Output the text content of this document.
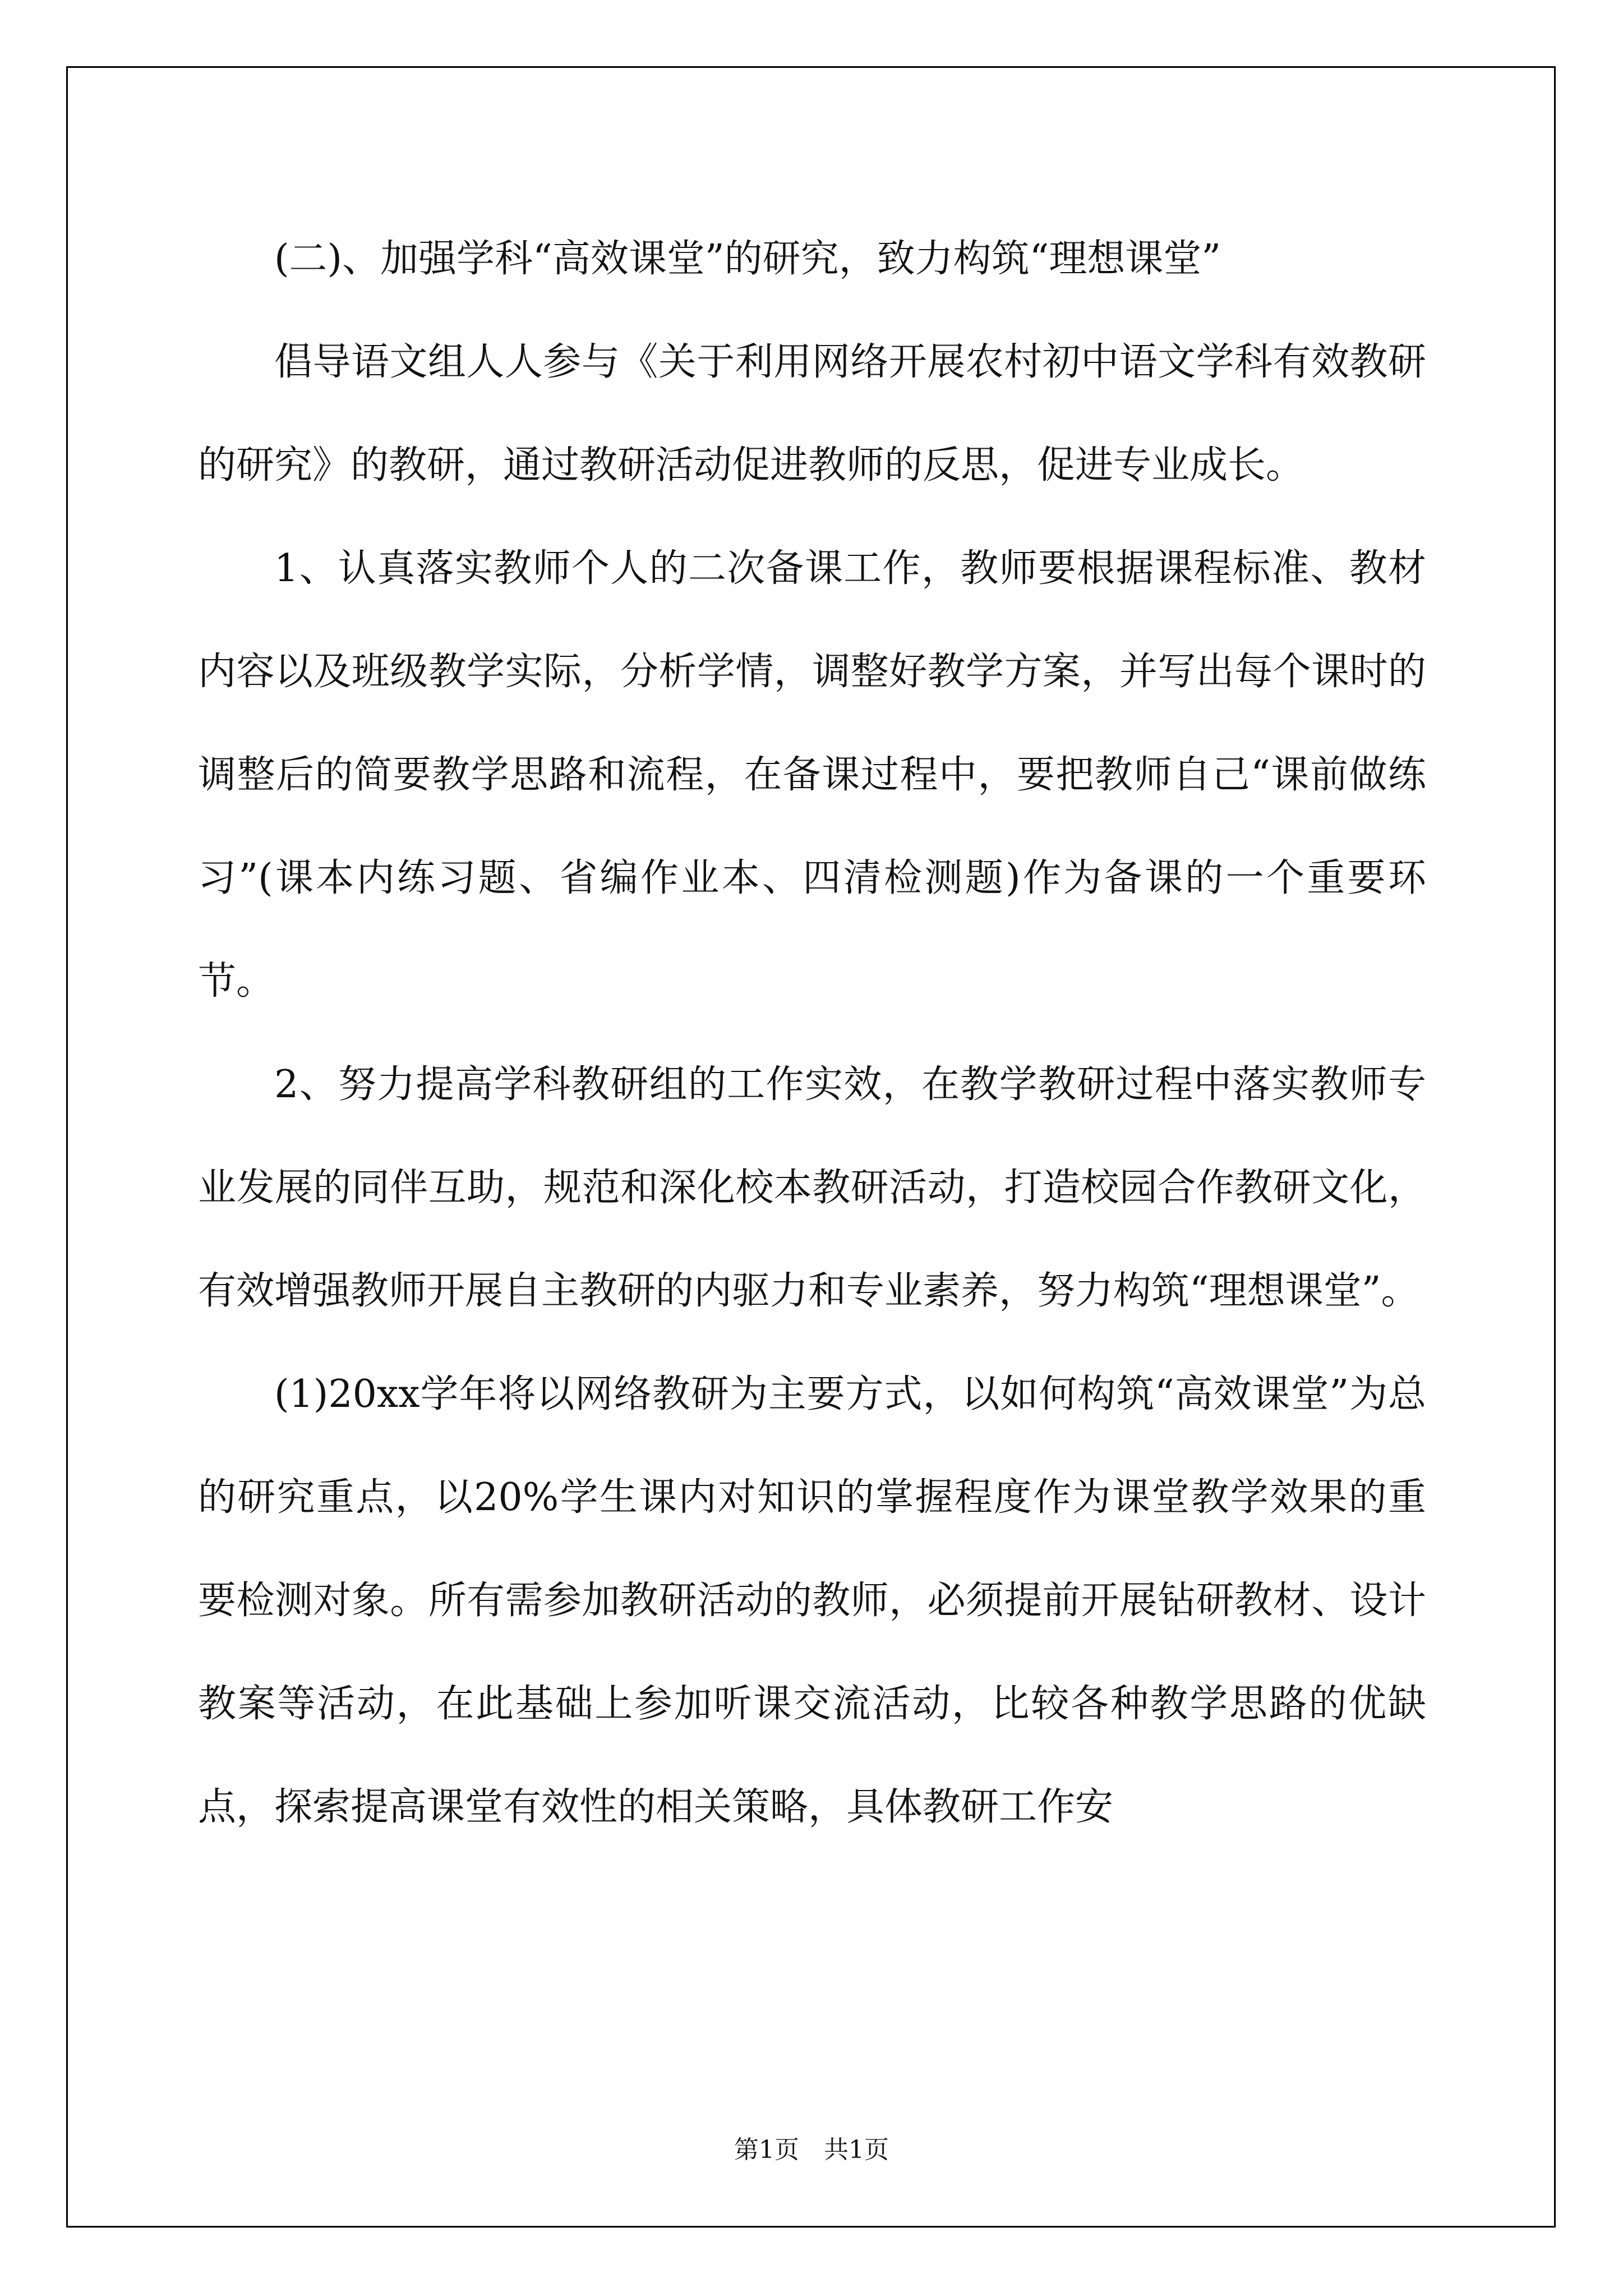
(二)、加强学科“高效课堂”的研究，致力构筑“理想课堂”

倡导语文组人人参与《关于利用网络开展农村初中语文学科有效教研的研究》的教研，通过教研活动促进教师的反思，促进专业成长。

1、认真落实教师个人的二次备课工作，教师要根据课程标准、教材内容以及班级教学实际，分析学情，调整好教学方案，并写出每个课时的调整后的简要教学思路和流程，在备课过程中，要把教师自己“课前做练习”(课本内练习题、省编作业本、四清检测题)作为备课的一个重要环节。

2、努力提高学科教研组的工作实效，在教学教研过程中落实教师专业发展的同伴互助，规范和深化校本教研活动，打造校园合作教研文化，有效增强教师开展自主教研的内驱力和专业素养，努力构筑“理想课堂”。

(1)20xx学年将以网络教研为主要方式，以如何构筑“高效课堂”为总的研究重点，以20%学生课内对知识的掌握程度作为课堂教学效果的重要检测对象。所有需参加教研活动的教师，必须提前开展钻研教材、设计教案等活动，在此基础上参加听课交流活动，比较各种教学思路的优缺点，探索提高课堂有效性的相关策略，具体教研工作安

第1页 共1页
